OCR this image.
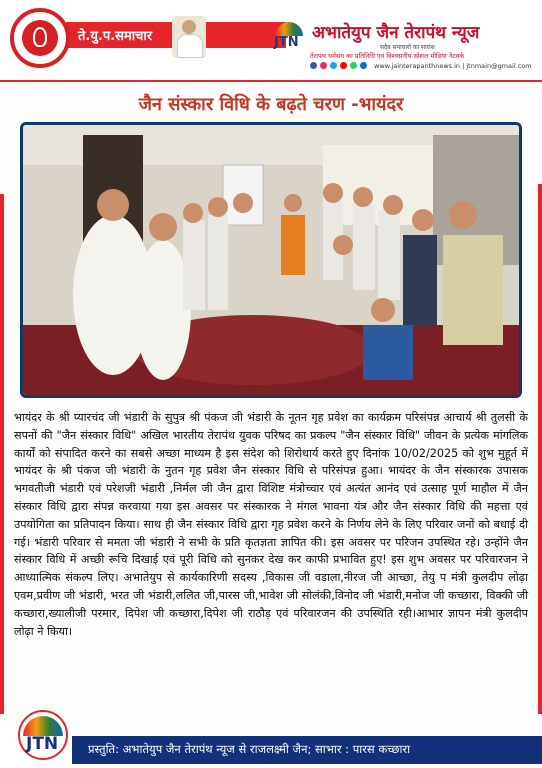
ते.यु.प.समाचार	JTN अभातेयुप जैन तेरापंथ न्यूज
सदैव समाचारों का सारांश
तेरापंथ धर्मसंघ का प्रतिनिधि एवं विश्वसनीय सोशल मीडिया नेटवर्क
www.jainterapanthnews.in | jtnmain@gmail.com
जैन संस्कार विधि के बढ़ते चरण -भायंदर
भायंदर के श्री प्यारचंद जी भंडारी के सुपुत्र श्री पंकज जी भंडारी के नूतन गृह प्रवेश का कार्यक्रम परिसंपन्न आचार्य श्री तुलसी के सपनों की "जैन संस्कार विधि" अखिल भारतीय तेरापंथ युवक परिषद का प्रकल्प "जैन संस्कार विधि" जीवन के प्रत्येक मांगलिक कार्यों को संपादित करने का सबसे अच्छा माध्यम है इस संदेश को शिरोधार्य करते हुए दिनांक 10/02/2025 को शुभ मुहूर्त में भायंदर के श्री पंकज जी भंडारी के नुतन गृह प्रवेश जैन संस्कार विधि से परिसंपन्न हुआ। भायंदर के जैन संस्कारक उपासक भगवतीजी भंडारी एवं परेशजी भंडारी ,निर्मल जी जैन द्वारा विशिष्ट मंत्रोच्चार एवं अत्यंत आनंद एवं उत्साह पूर्ण माहौल में जैन संस्कार विधि द्वारा संपन्न करवाया गया इस अवसर पर संस्कारक ने मंगल भावना यंत्र और जैन संस्कार विधि की महत्ता एवं उपयोगिता का प्रतिपादन किया। साथ ही जैन संस्कार विधि द्वारा गृह प्रवेश करने के निर्णय लेने के लिए परिवार जनों को बधाई दी गई। भंडारी परिवार से ममता जी भंडारी ने सभी के प्रति कृतज्ञता ज्ञापित की। इस अवसर पर परिजन उपस्थित रहे। उन्होंने जैन संस्कार विधि में अच्छी रूचि दिखाई एवं पूरी विधि को सुनकर देख कर काफी प्रभावित हुए! इस शुभ अवसर पर परिवारजन ने आध्यात्मिक संकल्प लिए। अभातेयुप से कार्यकारिणी सदस्य ,विकास जी वडाला,नीरज जी आच्छा, तेयु प मंत्री कुलदीप लोढ़ा एवम,प्रवीण जी भंडारी, भरत जी भंडारी,ललित जी,पारस जी,भावेश जी सोलंकी,विनोद जी भंडारी,मनोज जी कच्छारा, विक्की जी कच्छारा,ख्यालीजी परमार, दिपेश जी कच्छारा,दिपेश जी राठौड़ एवं परिवारजन की उपस्थिति रही।आभार ज्ञापन मंत्री कुलदीप लोढ़ा ने किया।
प्रस्तुति: अभातेयुप जैन तेरापंथ न्यूज से राजलक्ष्मी जैन; साभार : पारस कच्छारा
JTN
